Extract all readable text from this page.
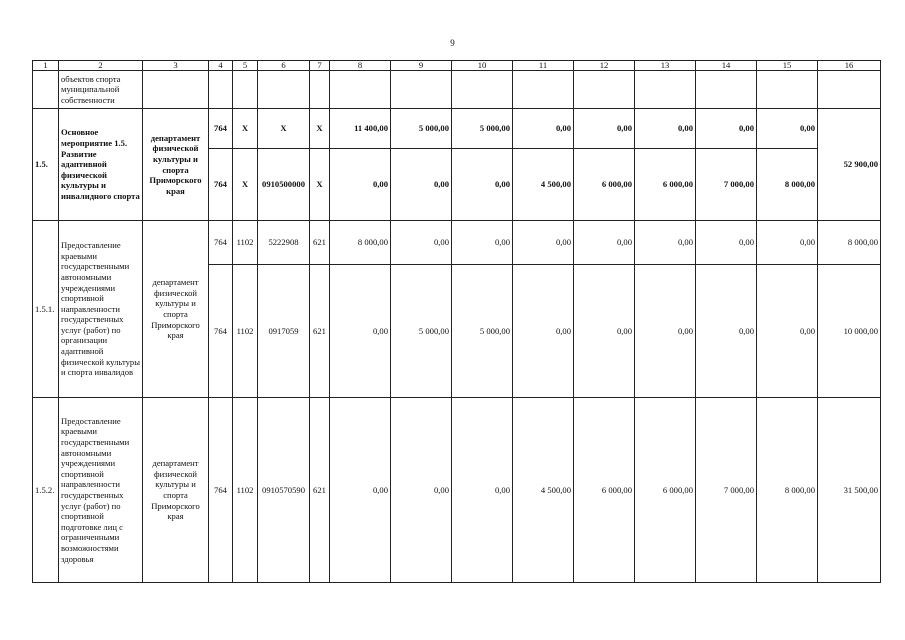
9
1	2	3	4	5	6	7	8	9	10	11	12	13	14	15	16
	объектов спорта муниципальной собственности														
1.5.	Основное мероприятие 1.5. Развитие адаптивной физической культуры и инвалидного спорта	департамент физической культуры и спорта Приморского края	764	X	X	X	11 400,00	5 000,00	5 000,00	0,00	0,00	0,00	0,00	0,00	52 900,00
			764	X	0910500000	X	0,00	0,00	0,00	4 500,00	6 000,00	6 000,00	7 000,00	8 000,00	
1.5.1.	Предоставление краевыми государственными автономными учреждениями спортивной направленности государственных услуг (работ) по организации адаптивной физической культуры и спорта инвалидов	департамент физической культуры и спорта Приморского края	764	1102	5222908	621	8 000,00	0,00	0,00	0,00	0,00	0,00	0,00	0,00	8 000,00
			764	1102	0917059	621	0,00	5 000,00	5 000,00	0,00	0,00	0,00	0,00	0,00	10 000,00
1.5.2.	Предоставление краевыми государственными автономными учреждениями спортивной направленности государственных услуг (работ) по спортивной подготовке лиц с ограниченными возможностями здоровья	департамент физической культуры и спорта Приморского края	764	1102	0910570590	621	0,00	0,00	0,00	4 500,00	6 000,00	6 000,00	7 000,00	8 000,00	31 500,00
